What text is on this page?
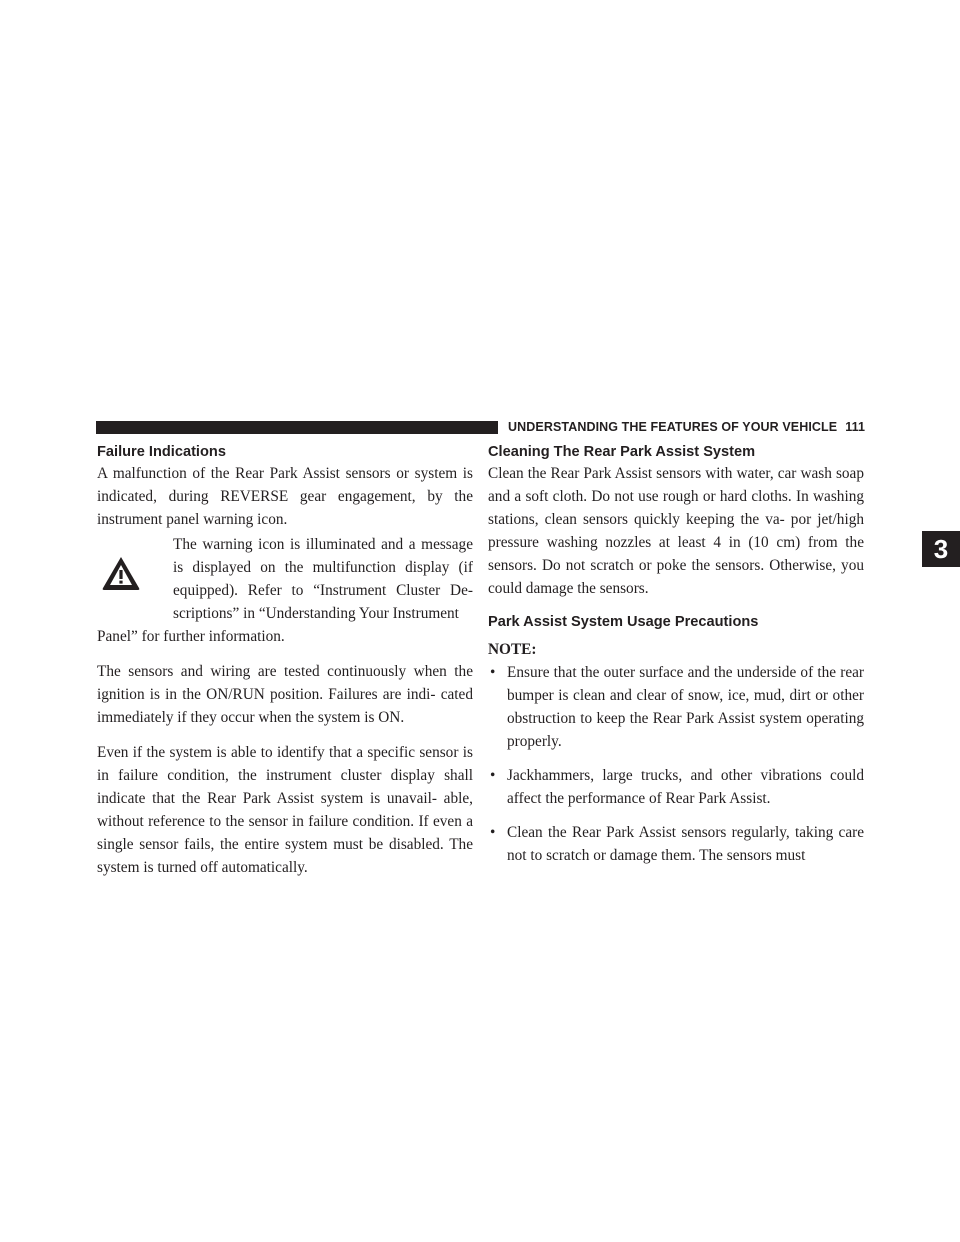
UNDERSTANDING THE FEATURES OF YOUR VEHICLE 111
3
Failure Indications

A malfunction of the Rear Park Assist sensors or system is indicated, during REVERSE gear engagement, by the instrument panel warning icon.

The warning icon is illuminated and a message is displayed on the multifunction display (if equipped). Refer to “Instrument Cluster De- scriptions” in “Understanding Your Instrument

Panel” for further information.

The sensors and wiring are tested continuously when the ignition is in the ON/RUN position. Failures are indi- cated immediately if they occur when the system is ON.

Even if the system is able to identify that a specific sensor is in failure condition, the instrument cluster display shall indicate that the Rear Park Assist system is unavail- able, without reference to the sensor in failure condition. If even a single sensor fails, the entire system must be disabled. The system is turned off automatically.

Cleaning The Rear Park Assist System

Clean the Rear Park Assist sensors with water, car wash soap and a soft cloth. Do not use rough or hard cloths. In washing stations, clean sensors quickly keeping the va- por jet/high pressure washing nozzles at least 4 in (10 cm) from the sensors. Do not scratch or poke the sensors. Otherwise, you could damage the sensors.

Park Assist System Usage Precautions
NOTE:
• Ensure that the outer surface and the underside of the rear bumper is clean and clear of snow, ice, mud, dirt or other obstruction to keep the Rear Park Assist system operating properly.
• Jackhammers, large trucks, and other vibrations could affect the performance of Rear Park Assist.
• Clean the Rear Park Assist sensors regularly, taking care not to scratch or damage them. The sensors must
